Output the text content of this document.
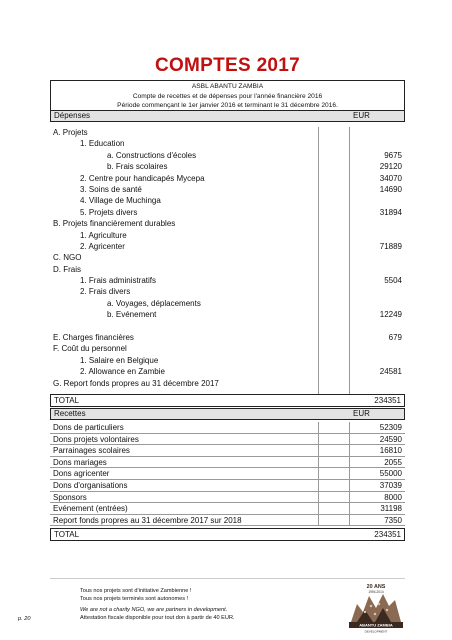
COMPTES 2017
ASBL ABANTU ZAMBIA
Compte de recettes et de dépenses pour l'année financière 2016
Période commençant le 1er janvier 2016 et terminant le 31 décembre 2016.
Dépenses	EUR
A. Projets
1. Education
a. Constructions d'écoles	9675
b. Frais scolaires	29120
2. Centre pour handicapés Mycepa	34070
3. Soins de santé	14690
4. Village de Muchinga
5. Projets divers	31894
B. Projets financièrement durables
1. Agriculture
2. Agricenter	71889
C. NGO
D. Frais
1. Frais administratifs	5504
2. Frais divers
a. Voyages, déplacements
b. Evénement	12249
E. Charges financières	679
F. Coût du personnel
1. Salaire en Belgique
2. Allowance en Zambie	24581
G. Report fonds propres au 31 décembre 2017
TOTAL	234351
Recettes	EUR
Dons de particuliers	52309
Dons projets volontaires	24590
Parrainages scolaires	16810
Dons mariages	2055
Dons agricenter	55000
Dons d'organisations	37039
Sponsors	8000
Evénement (entrées)	31198
Report fonds propres au 31 décembre 2017 sur 2018	7350
TOTAL	234351
Tous nos projets sont d'initiative Zambienne !
Tous nos projets terminés sont autonomes !
We are not a charity NGO, we are partners in development.
Attestation fiscale disponible pour tout don à partir de 40 EUR.
p. 20
20 ANS
1994-2014
ABANTU ZAMBIA
DEVELOPMENT
